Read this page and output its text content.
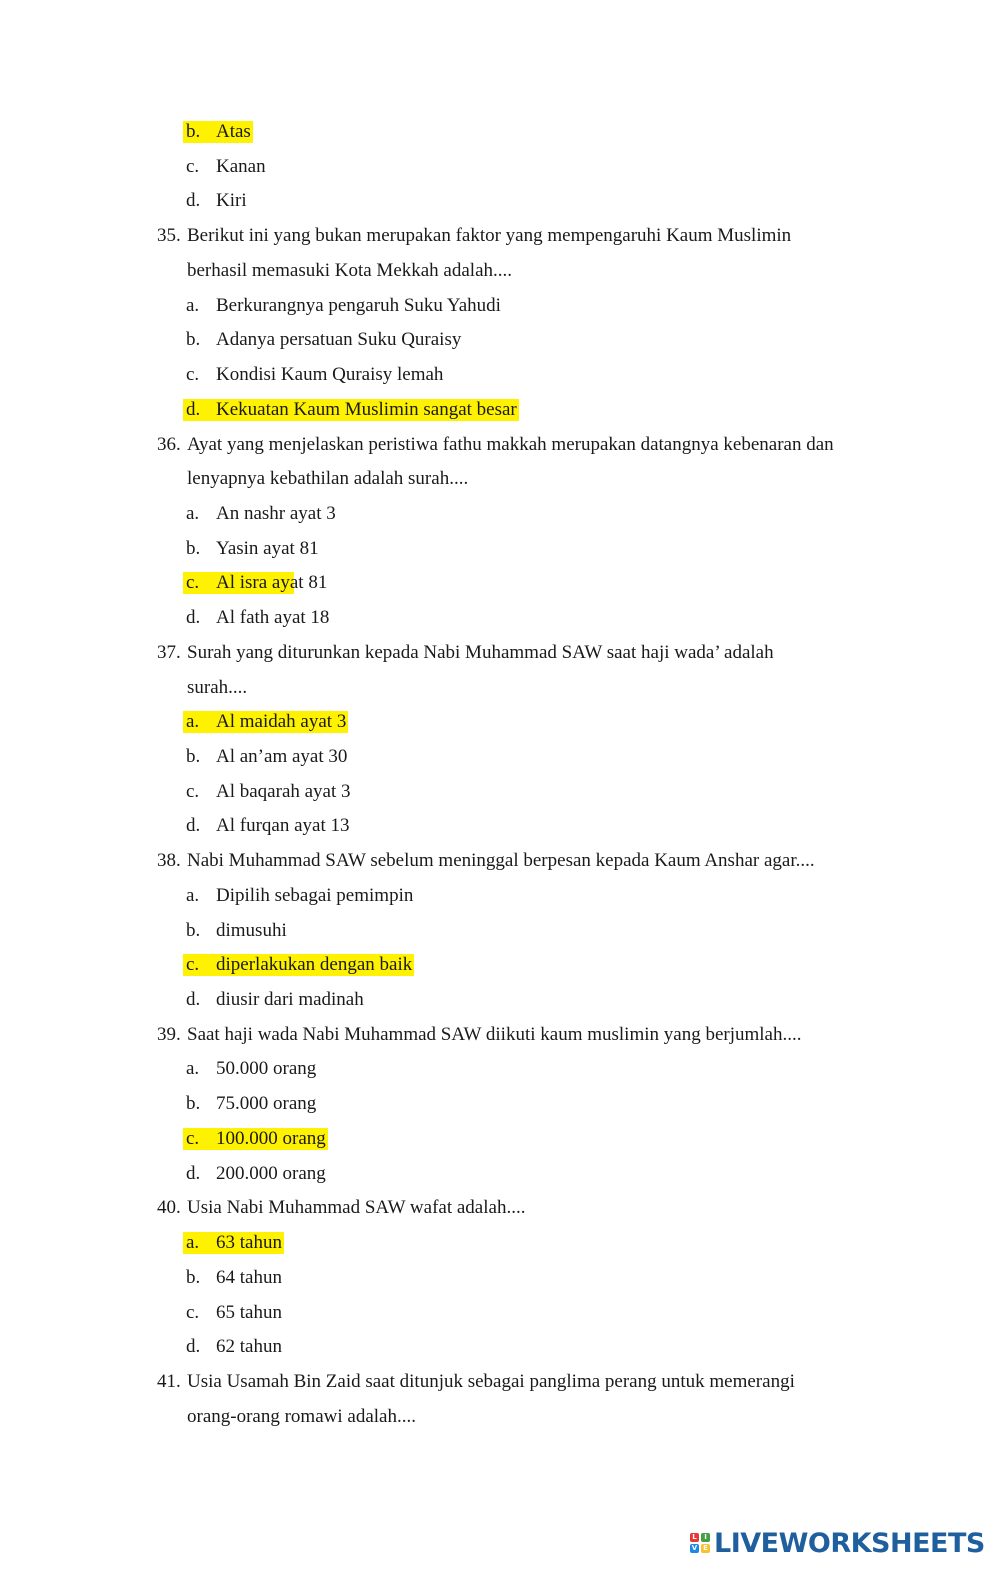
b. Atas
c. Kanan
d. Kiri
35. Berikut ini yang bukan merupakan faktor yang mempengaruhi Kaum Muslimin
berhasil memasuki Kota Mekkah adalah....
a. Berkurangnya pengaruh Suku Yahudi
b. Adanya persatuan Suku Quraisy
c. Kondisi Kaum Quraisy lemah
d. Kekuatan Kaum Muslimin sangat besar
36. Ayat yang menjelaskan peristiwa fathu makkah merupakan datangnya kebenaran dan
lenyapnya kebathilan adalah surah....
a. An nashr ayat 3
b. Yasin ayat 81
c. Al isra ayat 81
d. Al fath ayat 18
37. Surah yang diturunkan kepada Nabi Muhammad SAW saat haji wada’ adalah
surah....
a. Al maidah ayat 3
b. Al an’am ayat 30
c. Al baqarah ayat 3
d. Al furqan ayat 13
38. Nabi Muhammad SAW sebelum meninggal berpesan kepada Kaum Anshar agar....
a. Dipilih sebagai pemimpin
b. dimusuhi
c. diperlakukan dengan baik
d. diusir dari madinah
39. Saat haji wada Nabi Muhammad SAW diikuti kaum muslimin yang berjumlah....
a. 50.000 orang
b. 75.000 orang
c. 100.000 orang
d. 200.000 orang
40. Usia Nabi Muhammad SAW wafat adalah....
a. 63 tahun
b. 64 tahun
c. 65 tahun
d. 62 tahun
41. Usia Usamah Bin Zaid saat ditunjuk sebagai panglima perang untuk memerangi
orang-orang romawi adalah....
L	I
V E LIVEWORKSHEETS
